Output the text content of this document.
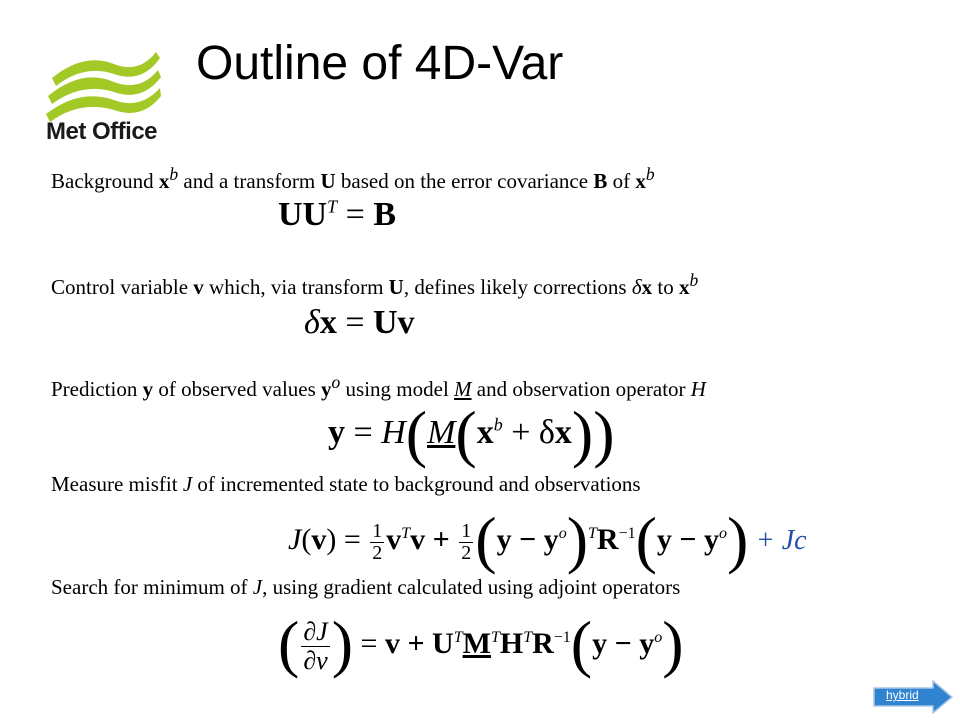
Met Office
Outline of 4D-Var
Background $x^b$ and a transform U based on the error covariance B of $x^b$
$UU^T = B$
Control variable v which, via transform U, defines likely corrections δx to $x^b$
δx = Uv
Prediction y of observed values $y^o$ using model M and observation operator H
$y = H(M(x^b + \delta x))$
Measure misfit J of incremented state to background and observations
$J(v) = \frac{1}{2} v^Tv + \frac{1}{2} (y - y^o)^TR^{-1}(y - y^o) + Jc$
Search for minimum of J, using gradient calculated using adjoint operators
( $\frac{\partial J}{\partial v}$ ) = $v + U^TM^TH^TR^{-1}(y - y^o)$
hybrid
